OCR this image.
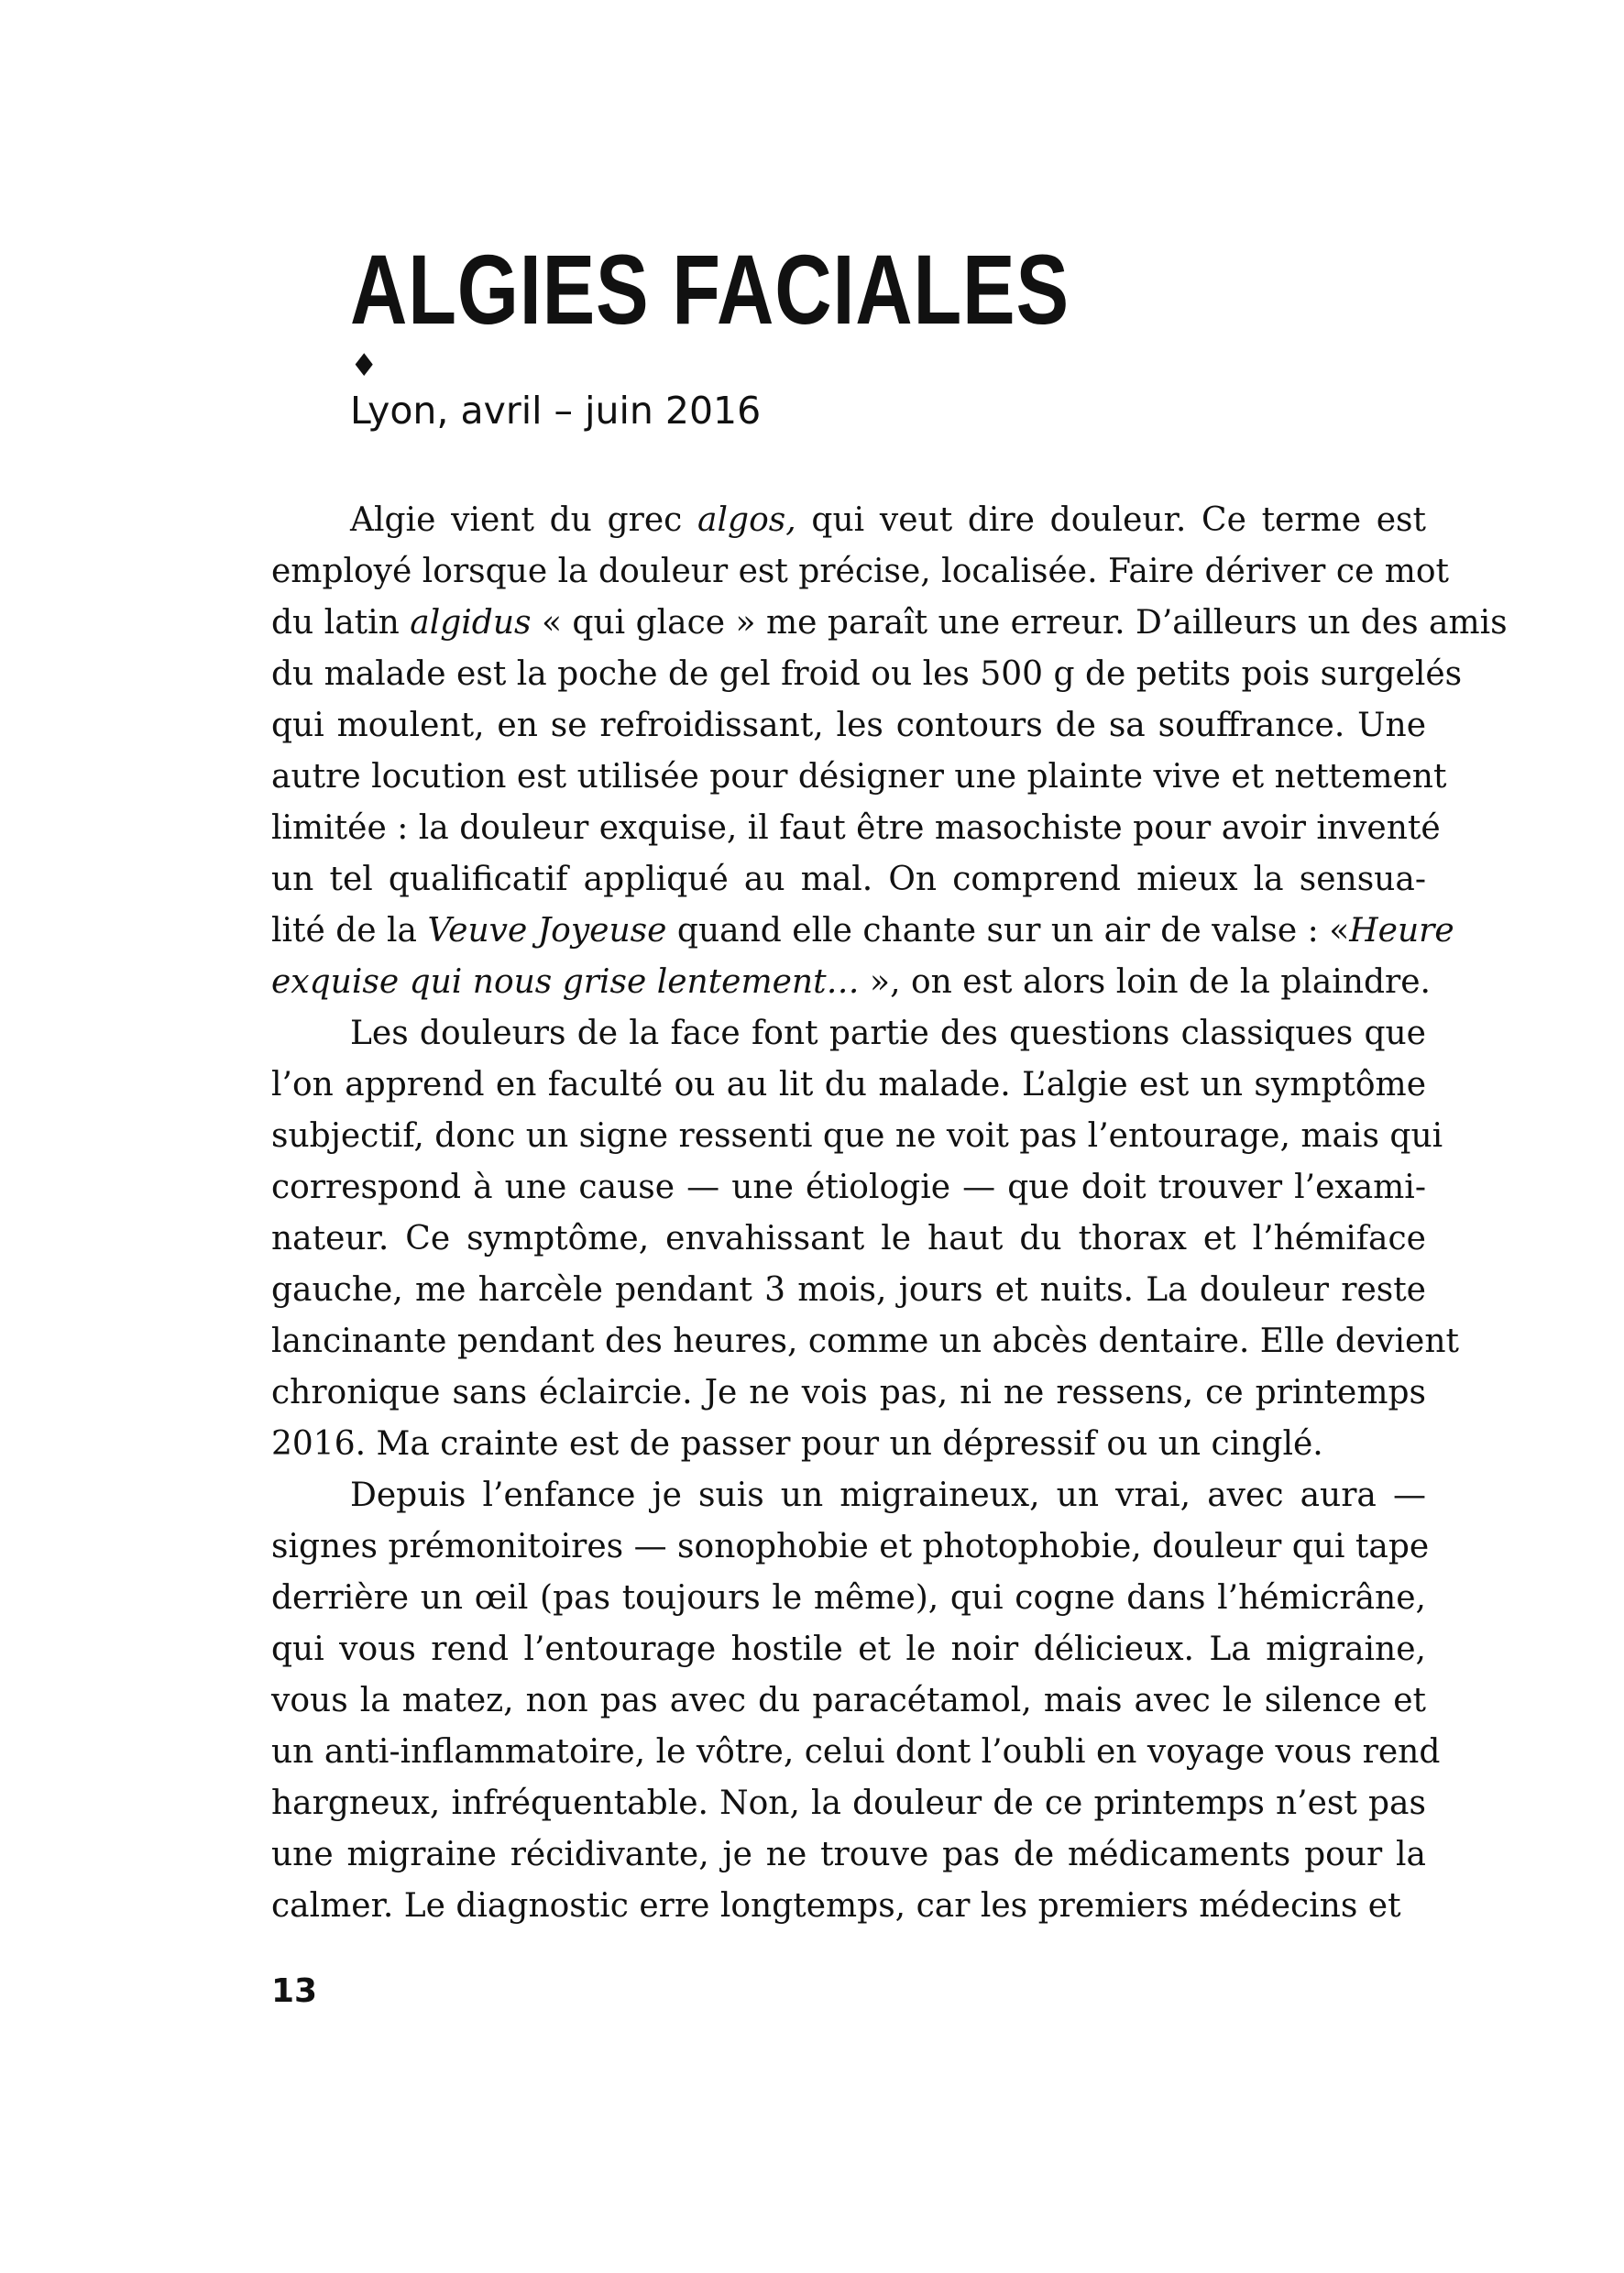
ALGIES FACIALES
♦
Lyon, avril – juin 2016
Algie vient du grec algos, qui veut dire douleur. Ce terme est
employé lorsque la douleur est précise, localisée. Faire dériver ce mot
du latin algidus « qui glace » me paraît une erreur. D’ailleurs un des amis
du malade est la poche de gel froid ou les 500 g de petits pois surgelés
qui moulent, en se refroidissant, les contours de sa souffrance. Une
autre locution est utilisée pour désigner une plainte vive et nettement
limitée : la douleur exquise, il faut être masochiste pour avoir inventé
un tel qualificatif appliqué au mal. On comprend mieux la sensua-
lité de la Veuve Joyeuse quand elle chante sur un air de valse : «Heure
exquise qui nous grise lentement… », on est alors loin de la plaindre.
Les douleurs de la face font partie des questions classiques que
l’on apprend en faculté ou au lit du malade. L’algie est un symptôme
subjectif, donc un signe ressenti que ne voit pas l’entourage, mais qui
correspond à une cause — une étiologie — que doit trouver l’exami-
nateur. Ce symptôme, envahissant le haut du thorax et l’hémiface
gauche, me harcèle pendant 3 mois, jours et nuits. La douleur reste
lancinante pendant des heures, comme un abcès dentaire. Elle devient
chronique sans éclaircie. Je ne vois pas, ni ne ressens, ce printemps
2016. Ma crainte est de passer pour un dépressif ou un cinglé.
Depuis l’enfance je suis un migraineux, un vrai, avec aura —
signes prémonitoires — sonophobie et photophobie, douleur qui tape
derrière un œil (pas toujours le même), qui cogne dans l’hémicrâne,
qui vous rend l’entourage hostile et le noir délicieux. La migraine,
vous la matez, non pas avec du paracétamol, mais avec le silence et
un anti-inflammatoire, le vôtre, celui dont l’oubli en voyage vous rend
hargneux, infréquentable. Non, la douleur de ce printemps n’est pas
une migraine récidivante, je ne trouve pas de médicaments pour la
calmer. Le diagnostic erre longtemps, car les premiers médecins et
13
